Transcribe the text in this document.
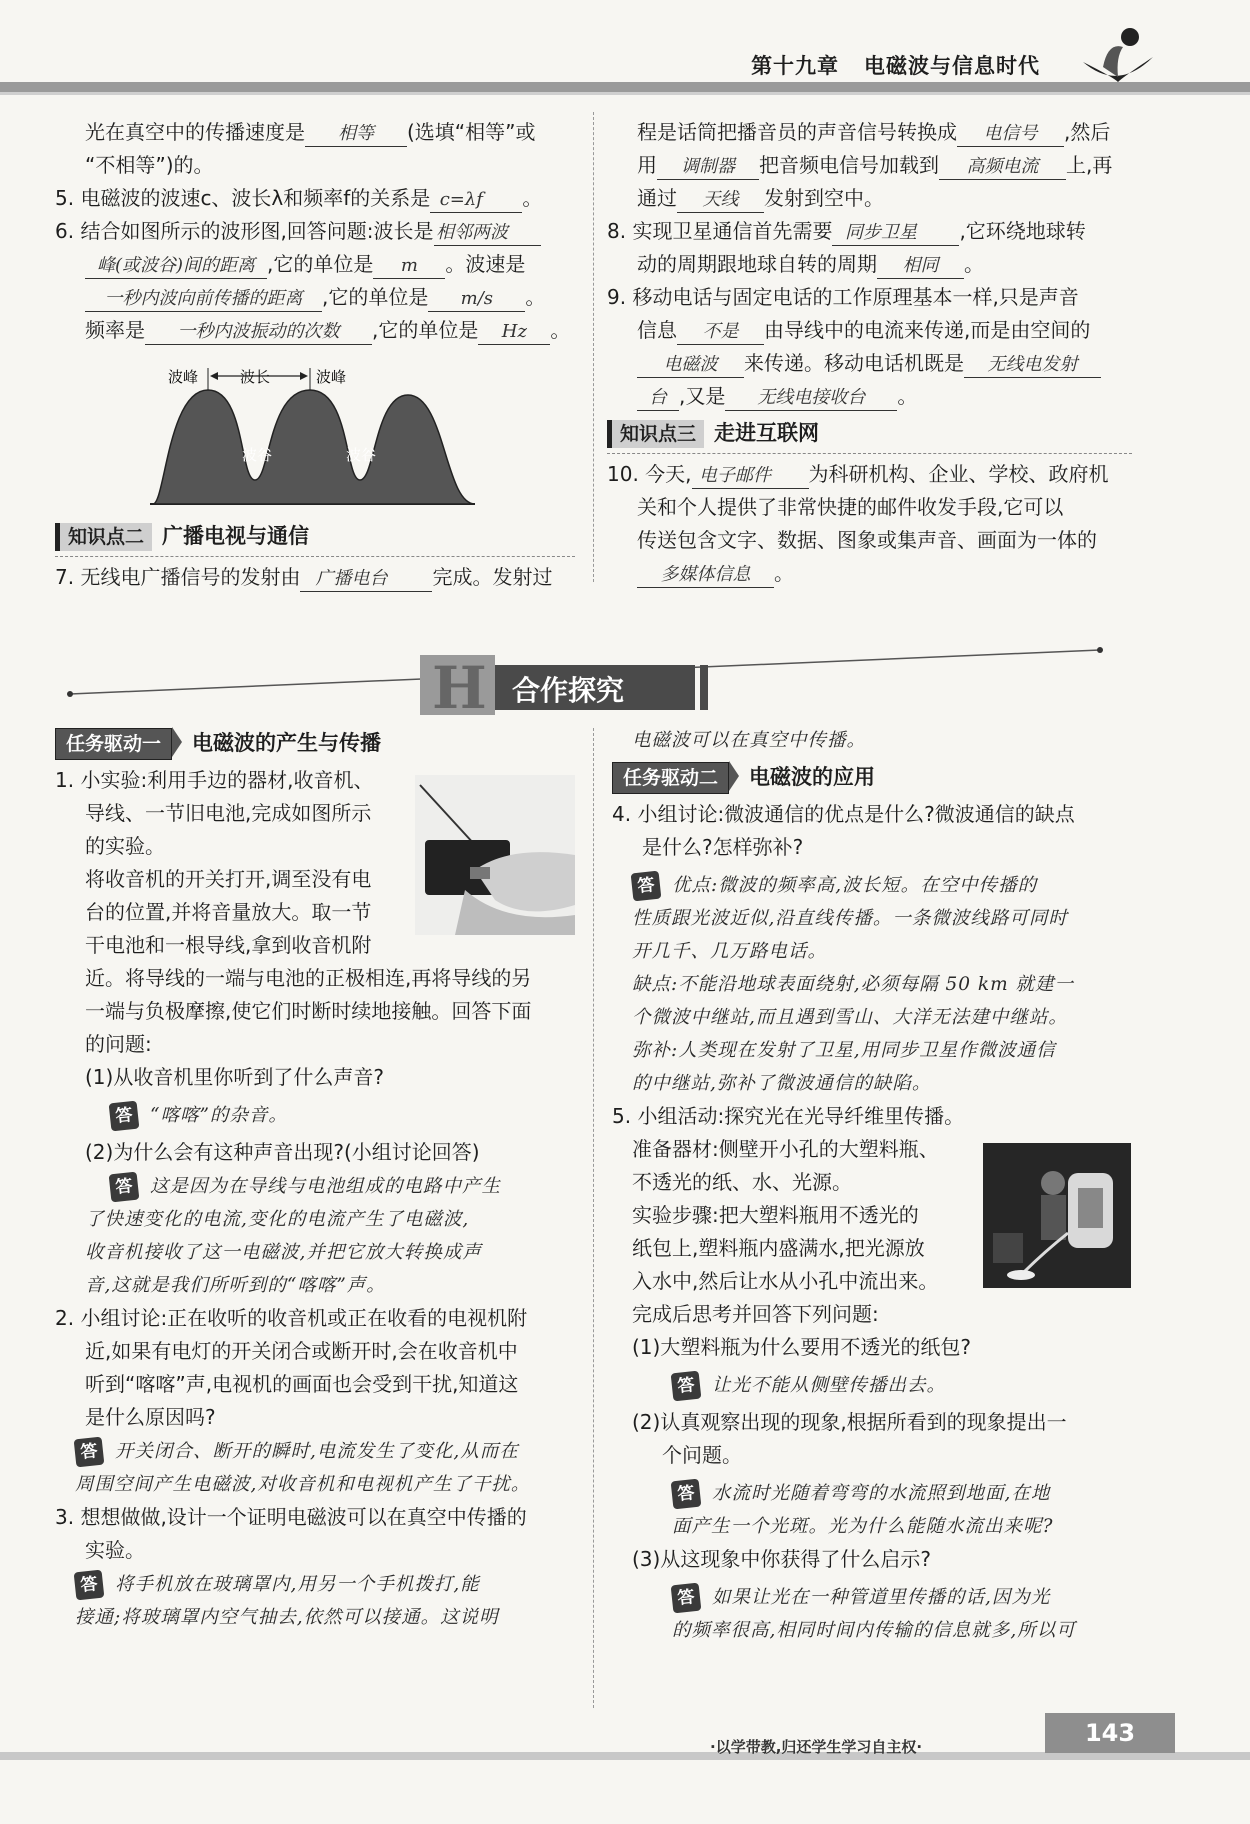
第十九章 电磁波与信息时代

光在真空中的传播速度是 相等 (选填“相等”或

“不相等”)的。

5. 电磁波的波速c、波长λ和频率f的关系是 c=λf 。

6. 结合如图所示的波形图,回答问题:波长是 相邻两波

峰(或波谷)间的距离 ,它的单位是 m 。波速是

一秒内波向前传播的距离 ,它的单位是 m/s 。

频率是 一秒内波振动的次数 ,它的单位是 Hz 。

波峰	波长	波峰
波谷	波谷
知识点二 广播电视与通信

7. 无线电广播信号的发射由 广播电台 完成。发射过

程是话筒把播音员的声音信号转换成 电信号 ,然后

用 调制器 把音频电信号加载到 高频电流 上,再

通过 天线 发射到空中。

8. 实现卫星通信首先需要 同步卫星 ,它环绕地球转

动的周期跟地球自转的周期 相同 。

9. 移动电话与固定电话的工作原理基本一样,只是声音

信息 不是 由导线中的电流来传递,而是由空间的

电磁波 来传递。移动电话机既是 无线电发射

台 ,又是 无线电接收台 。

知识点三 走进互联网

10. 今天, 电子邮件 为科研机构、企业、学校、政府机

关和个人提供了非常快捷的邮件收发手段,它可以

传送包含文字、数据、图象或集声音、画面为一体的

多媒体信息 。

H 合作探究
任务驱动一 电磁波的产生与传播

1. 小实验:利用手边的器材,收音机、

导线、一节旧电池,完成如图所示

的实验。

将收音机的开关打开,调至没有电

台的位置,并将音量放大。取一节

干电池和一根导线,拿到收音机附

近。将导线的一端与电池的正极相连,再将导线的另

一端与负极摩擦,使它们时断时续地接触。回答下面

的问题:

(1)从收音机里你听到了什么声音?

答 “喀喀”的杂音。

(2)为什么会有这种声音出现?(小组讨论回答)

答 这是因为在导线与电池组成的电路中产生

了快速变化的电流,变化的电流产生了电磁波,

收音机接收了这一电磁波,并把它放大转换成声

音,这就是我们所听到的“喀喀”声。

2. 小组讨论:正在收听的收音机或正在收看的电视机附

近,如果有电灯的开关闭合或断开时,会在收音机中

听到“喀喀”声,电视机的画面也会受到干扰,知道这

是什么原因吗?

答 开关闭合、断开的瞬时,电流发生了变化,从而在

周围空间产生电磁波,对收音机和电视机产生了干扰。

3. 想想做做,设计一个证明电磁波可以在真空中传播的

实验。

答 将手机放在玻璃罩内,用另一个手机拨打,能

接通;将玻璃罩内空气抽去,依然可以接通。这说明

电磁波可以在真空中传播。

任务驱动二 电磁波的应用

4. 小组讨论:微波通信的优点是什么?微波通信的缺点

是什么?怎样弥补?

答 优点:微波的频率高,波长短。在空中传播的

性质跟光波近似,沿直线传播。一条微波线路可同时

开几千、几万路电话。

缺点:不能沿地球表面绕射,必须每隔 50 km 就建一

个微波中继站,而且遇到雪山、大洋无法建中继站。

弥补:人类现在发射了卫星,用同步卫星作微波通信

的中继站,弥补了微波通信的缺陷。

5. 小组活动:探究光在光导纤维里传播。

准备器材:侧壁开小孔的大塑料瓶、

不透光的纸、水、光源。

实验步骤:把大塑料瓶用不透光的

纸包上,塑料瓶内盛满水,把光源放

入水中,然后让水从小孔中流出来。

完成后思考并回答下列问题:

(1)大塑料瓶为什么要用不透光的纸包?

答 让光不能从侧壁传播出去。

(2)认真观察出现的现象,根据所看到的现象提出一

个问题。

答 水流时光随着弯弯的水流照到地面,在地

面产生一个光斑。光为什么能随水流出来呢?

(3)从这现象中你获得了什么启示?

答 如果让光在一种管道里传播的话,因为光

的频率很高,相同时间内传输的信息就多,所以可

·以学带教,归还学生学习自主权·	143
